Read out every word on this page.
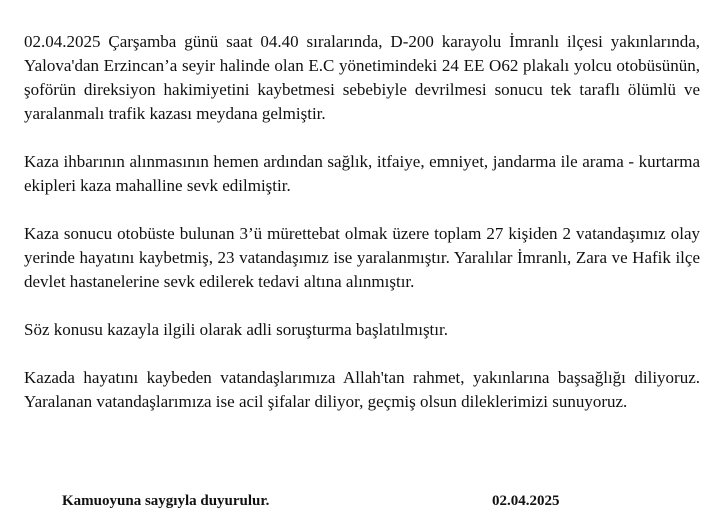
02.04.2025 Çarşamba günü saat 04.40 sıralarında, D-200 karayolu İmranlı ilçesi yakınlarında, Yalova'dan Erzincan’a seyir halinde olan E.C yönetimindeki 24 EE O62 plakalı yolcu otobüsünün, şoförün direksiyon hakimiyetini kaybetmesi sebebiyle devrilmesi sonucu tek taraflı ölümlü ve yaralanmalı trafik kazası meydana gelmiştir.

Kaza ihbarının alınmasının hemen ardından sağlık, itfaiye, emniyet, jandarma ile arama - kurtarma ekipleri kaza mahalline sevk edilmiştir.

Kaza sonucu otobüste bulunan 3’ü mürettebat olmak üzere toplam 27 kişiden 2 vatandaşımız olay yerinde hayatını kaybetmiş, 23 vatandaşımız ise yaralanmıştır. Yaralılar İmranlı, Zara ve Hafik ilçe devlet hastanelerine sevk edilerek tedavi altına alınmıştır.

Söz konusu kazayla ilgili olarak adli soruşturma başlatılmıştır.

Kazada hayatını kaybeden vatandaşlarımıza Allah'tan rahmet, yakınlarına başsağlığı diliyoruz. Yaralanan vatandaşlarımıza ise acil şifalar diliyor, geçmiş olsun dileklerimizi sunuyoruz.

Kamuoyuna saygıyla duyurulur.	02.04.2025
